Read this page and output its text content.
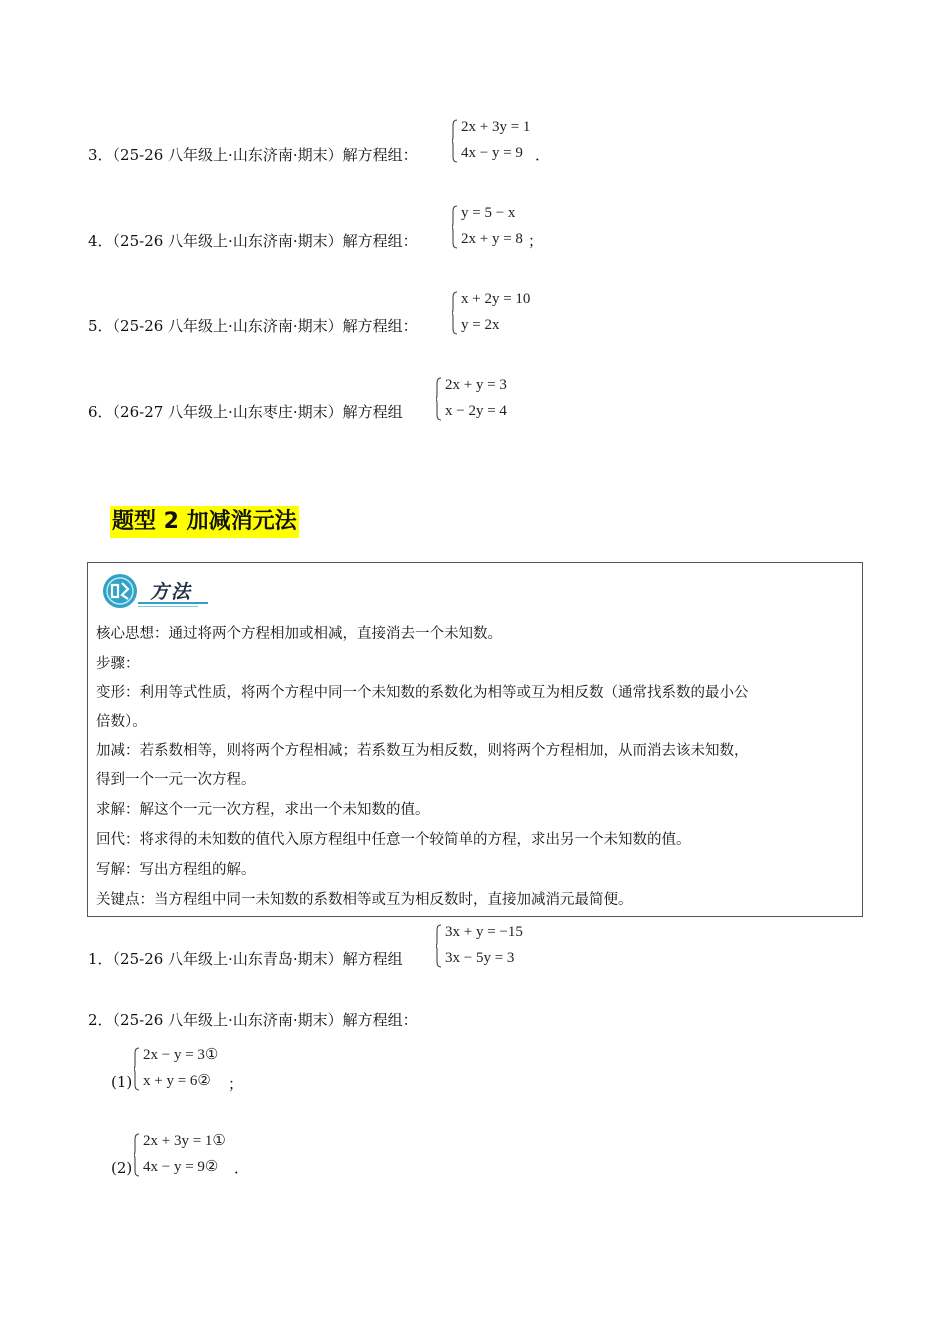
3．（25-26 八年级上·山东济南·期末）解方程组：
2x + 3y = 1
4x − y = 9 ．
4．（25-26 八年级上·山东济南·期末）解方程组：
y = 5 − x
2x + y = 8 ；
5．（25-26 八年级上·山东济南·期末）解方程组：
x + 2y = 10
y = 2x
6．（26-27 八年级上·山东枣庄·期末）解方程组
2x + y = 3
x − 2y = 4
题型 2 加减消元法
方法
核心思想：通过将两个方程相加或相减，直接消去一个未知数。
步骤：
变形：利用等式性质，将两个方程中同一个未知数的系数化为相等或互为相反数（通常找系数的最小公
倍数）。
加减：若系数相等，则将两个方程相减；若系数互为相反数，则将两个方程相加，从而消去该未知数，
得到一个一元一次方程。
求解：解这个一元一次方程，求出一个未知数的值。
回代：将求得的未知数的值代入原方程组中任意一个较简单的方程，求出另一个未知数的值。
写解：写出方程组的解。
关键点：当方程组中同一未知数的系数相等或互为相反数时，直接加减消元最简便。
1．（25-26 八年级上·山东青岛·期末）解方程组
3x + y = −15
3x − 5y = 3
2．（25-26 八年级上·山东济南·期末）解方程组：
(1)
2x − y = 3①
x + y = 6② ；
(2)
2x + 3y = 1①
4x − y = 9② ．
